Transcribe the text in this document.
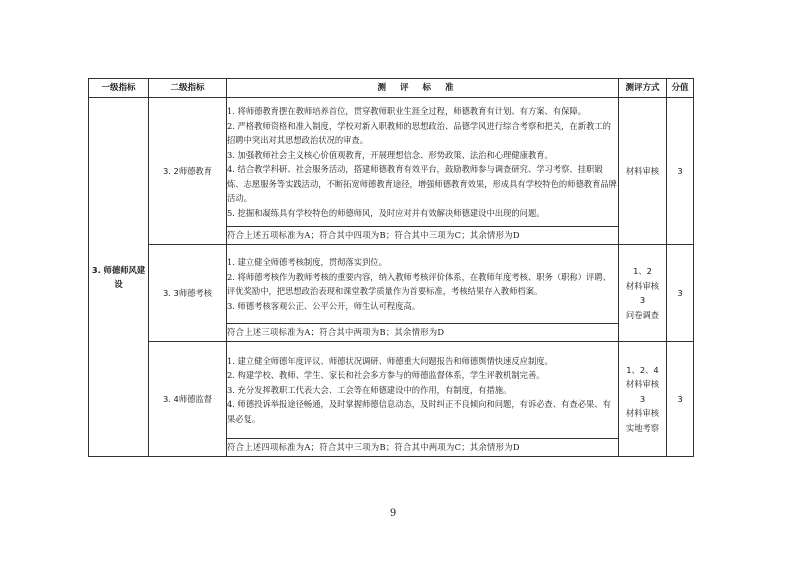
一级指标	二级指标	测评标准	测评方式	分值
3. 师德师风建设	3. 2师德教育	1. 将师德教育摆在教师培养首位，贯穿教师职业生涯全过程，师德教育有计划、有方案、有保障。
2. 严格教师资格和准入制度，学校对新入职教师的思想政治、品德学风进行综合考察和把关，在新教工的招聘中突出对其思想政治状况的审查。
3. 加强教师社会主义核心价值观教育，开展理想信念、形势政策、法治和心理健康教育。
4. 结合教学科研、社会服务活动，搭建师德教育有效平台，鼓励教师参与调查研究、学习考察、挂职锻炼、志愿服务等实践活动，不断拓宽师德教育途径，增强师德教育效果，形成具有学校特色的师德教育品牌活动。
5. 挖掘和凝练具有学校特色的师德师风，及时应对并有效解决师德建设中出现的问题。	材料审核	3
		符合上述五项标准为A；符合其中四项为B；符合其中三项为C；其余情形为D		
	3. 3师德考核	1. 建立健全师德考核制度，贯彻落实到位。
2. 将师德考核作为教师考核的重要内容，纳入教师考核评价体系，在教师年度考核、职务（职称）评聘、评优奖励中，把思想政治表现和课堂教学质量作为首要标准，考核结果存入教师档案。
3. 师德考核客观公正、公平公开，师生认可程度高。	1、2
材料审核
3
问卷调查	3
		符合上述三项标准为A；符合其中两项为B；其余情形为D		
	3. 4师德监督	1. 建立健全师德年度评议、师德状况调研、师德重大问题报告和师德舆情快速反应制度。
2. 构建学校、教师、学生、家长和社会多方参与的师德监督体系，学生评教机制完善。
3. 充分发挥教职工代表大会、工会等在师德建设中的作用，有制度，有措施。
4. 师德投诉举报途径畅通，及时掌握师德信息动态，及时纠正不良倾向和问题，有诉必查、有查必果、有果必复。	1、2、4
材料审核
3
材料审核
实地考察	3
		符合上述四项标准为A；符合其中三项为B；符合其中两项为C；其余情形为D		
9
